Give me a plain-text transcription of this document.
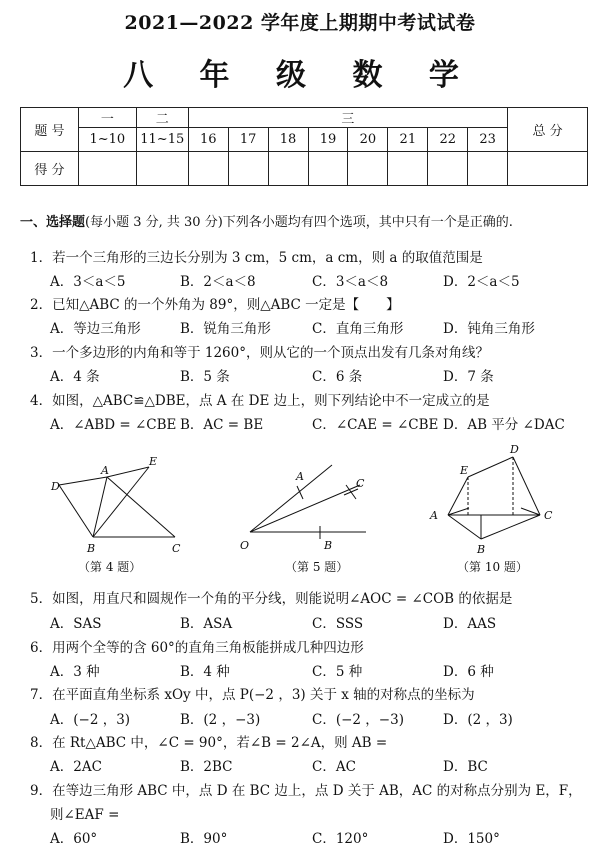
2021—2022 学年度上期期中考试试卷
八 年 级 数 学
题 号	一	二	三								总 分
	1~10	11~15	16	17	18	19	20	21	22	23	
得 分											
一、选择题(每小题 3 分, 共 30 分)下列各小题均有四个选项，其中只有一个是正确的.
1．若一个三角形的三边长分别为 3 cm，5 cm，a cm，则 a 的取值范围是
A．3＜a＜5	B．2＜a＜8	C．3＜a＜8	D．2＜a＜5
2．已知△ABC 的一个外角为 89°，则△ABC 一定是【　　】
A．等边三角形	B．锐角三角形	C．直角三角形	D．钝角三角形
3．一个多边形的内角和等于 1260°，则从它的一个顶点出发有几条对角线？
A．4 条	B．5 条	C．6 条	D．7 条
4．如图，△ABC≌△DBE，点 A 在 DE 边上，则下列结论中不一定成立的是
A．∠ABD = ∠CBE B．AC = BE	C．∠CAE = ∠CBE D．AB 平分 ∠DAC
D
A
E
B	C
（第 4 题）
O
A
B
C
（第 5 题）
E
D
A	C
B
（第 10 题）
5．如图，用直尺和圆规作一个角的平分线，则能说明∠AOC = ∠COB 的依据是
A．SAS	B．ASA	C．SSS	D．AAS
6．用两个全等的含 60°的直角三角板能拼成几种四边形
A．3 种	B．4 种	C．5 种	D．6 种
7．在平面直角坐标系 xOy 中，点 P(−2 ，3) 关于 x 轴的对称点的坐标为
A．(−2 ，3)	B．(2 ，−3)	C．(−2 ，−3)	D．(2 ，3)
8．在 Rt△ABC 中，∠C = 90°，若∠B = 2∠A，则 AB =
A．2AC	B．2BC	C．AC	D．BC
9．在等边三角形 ABC 中，点 D 在 BC 边上，点 D 关于 AB，AC 的对称点分别为 E，F，
则∠EAF =
A．60°	B．90°	C．120°	D．150°
